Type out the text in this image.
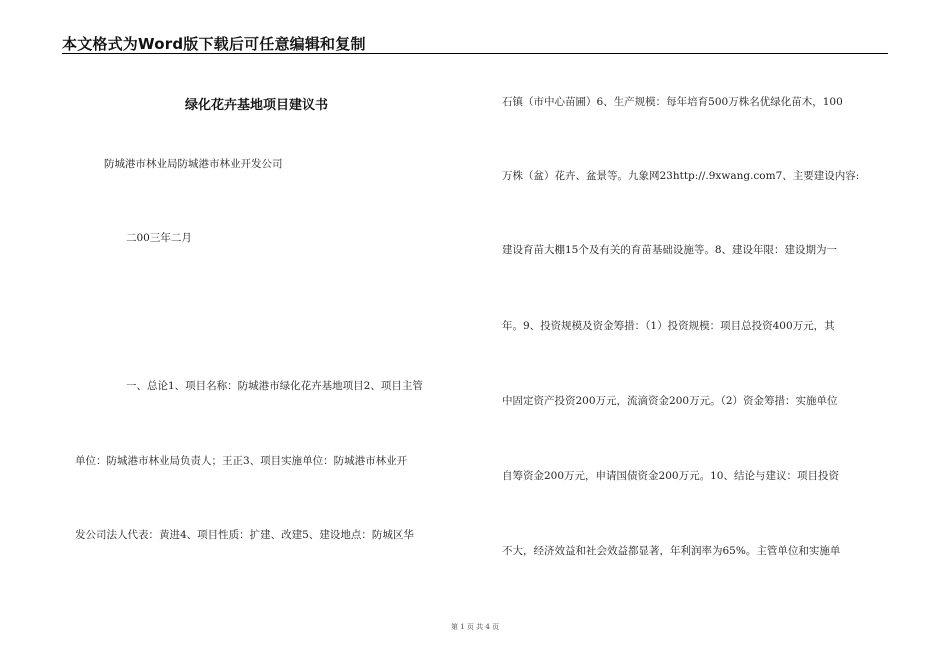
本文格式为Word版下载后可任意编辑和复制
绿化花卉基地项目建议书
防城港市林业局防城港市林业开发公司
二00三年二月
一、总论1、项目名称：防城港市绿化花卉基地项目2、项目主管
单位：防城港市林业局负责人；王正3、项目实施单位：防城港市林业开
发公司法人代表：黄进4、项目性质：扩建、改建5、建设地点：防城区华
石镇（市中心苗圃）6、生产规模：每年培育500万株名优绿化苗木，100
万株（盆）花卉、盆景等。九象网23http://.9xwang.com7、主要建设内容:
建设育苗大棚15个及有关的育苗基础设施等。8、建设年限：建设期为一
年。9、投资规模及资金筹措：（1）投资规模：项目总投资400万元，其
中固定资产投资200万元，流滴资金200万元。（2）资金筹措：实施单位
自筹资金200万元，申请国债资金200万元。10、结论与建议：项目投资
不大，经济效益和社会效益都显著，年利润率为65%。主管单位和实施单
第 1 页 共 4 页
